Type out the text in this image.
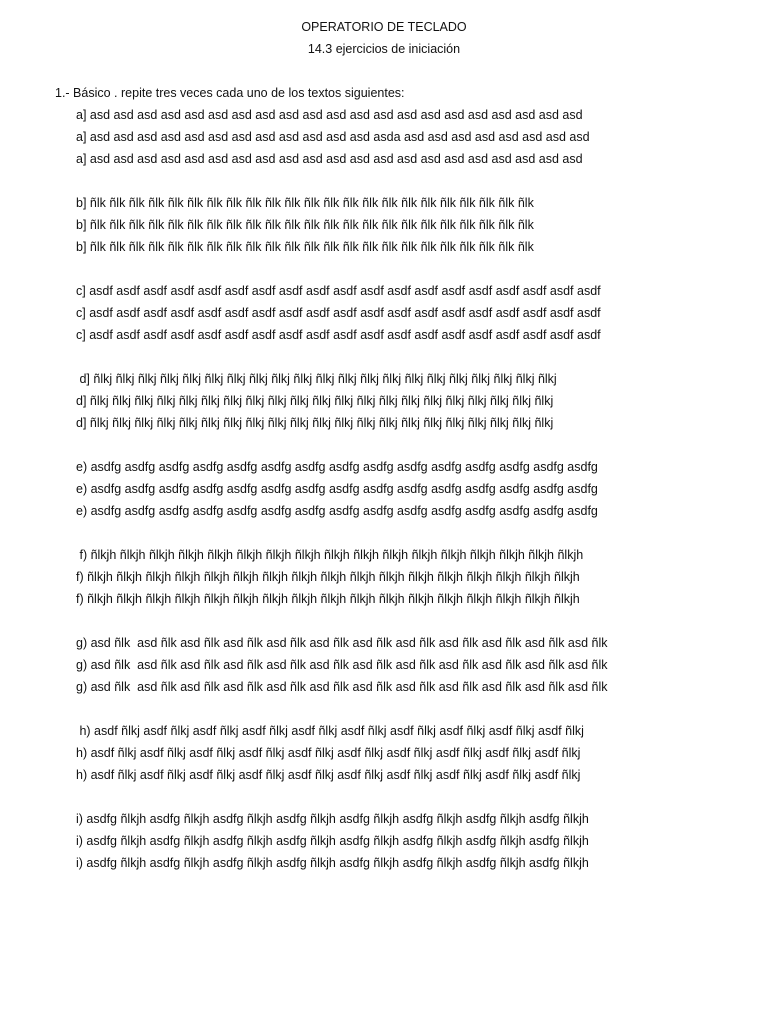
OPERATORIO DE TECLADO
14.3 ejercicios de iniciación
1.- Básico . repite tres veces cada uno de los textos siguientes:
a] asd asd asd asd asd asd asd asd asd asd asd asd asd asd asd asd asd asd asd asd asd
a] asd asd asd asd asd asd asd asd asd asd asd asd asda asd asd asd asd asd asd asd asd
a] asd asd asd asd asd asd asd asd asd asd asd asd asd asd asd asd asd asd asd asd asd
b] ñlk ñlk ñlk ñlk ñlk ñlk ñlk ñlk ñlk ñlk ñlk ñlk ñlk ñlk ñlk ñlk ñlk ñlk ñlk ñlk ñlk ñlk ñlk
b] ñlk ñlk ñlk ñlk ñlk ñlk ñlk ñlk ñlk ñlk ñlk ñlk ñlk ñlk ñlk ñlk ñlk ñlk ñlk ñlk ñlk ñlk ñlk
b] ñlk ñlk ñlk ñlk ñlk ñlk ñlk ñlk ñlk ñlk ñlk ñlk ñlk ñlk ñlk ñlk ñlk ñlk ñlk ñlk ñlk ñlk ñlk
c] asdf asdf asdf asdf asdf asdf asdf asdf asdf asdf asdf asdf asdf asdf asdf asdf asdf asdf asdf
c] asdf asdf asdf asdf asdf asdf asdf asdf asdf asdf asdf asdf asdf asdf asdf asdf asdf asdf asdf
c] asdf asdf asdf asdf asdf asdf asdf asdf asdf asdf asdf asdf asdf asdf asdf asdf asdf asdf asdf
d] ñlkj ñlkj ñlkj ñlkj ñlkj ñlkj ñlkj ñlkj ñlkj ñlkj ñlkj ñlkj ñlkj ñlkj ñlkj ñlkj ñlkj ñlkj ñlkj ñlkj ñlkj
d] ñlkj ñlkj ñlkj ñlkj ñlkj ñlkj ñlkj ñlkj ñlkj ñlkj ñlkj ñlkj ñlkj ñlkj ñlkj ñlkj ñlkj ñlkj ñlkj ñlkj ñlkj
d] ñlkj ñlkj ñlkj ñlkj ñlkj ñlkj ñlkj ñlkj ñlkj ñlkj ñlkj ñlkj ñlkj ñlkj ñlkj ñlkj ñlkj ñlkj ñlkj ñlkj ñlkj
e) asdfg asdfg asdfg asdfg asdfg asdfg asdfg asdfg asdfg asdfg asdfg asdfg asdfg asdfg asdfg
e) asdfg asdfg asdfg asdfg asdfg asdfg asdfg asdfg asdfg asdfg asdfg asdfg asdfg asdfg asdfg
e) asdfg asdfg asdfg asdfg asdfg asdfg asdfg asdfg asdfg asdfg asdfg asdfg asdfg asdfg asdfg
f) ñlkjh ñlkjh ñlkjh ñlkjh ñlkjh ñlkjh ñlkjh ñlkjh ñlkjh ñlkjh ñlkjh ñlkjh ñlkjh ñlkjh ñlkjh ñlkjh ñlkjh
f) ñlkjh ñlkjh ñlkjh ñlkjh ñlkjh ñlkjh ñlkjh ñlkjh ñlkjh ñlkjh ñlkjh ñlkjh ñlkjh ñlkjh ñlkjh ñlkjh ñlkjh
f) ñlkjh ñlkjh ñlkjh ñlkjh ñlkjh ñlkjh ñlkjh ñlkjh ñlkjh ñlkjh ñlkjh ñlkjh ñlkjh ñlkjh ñlkjh ñlkjh ñlkjh
g) asd ñlk  asd ñlk asd ñlk asd ñlk asd ñlk asd ñlk asd ñlk asd ñlk asd ñlk asd ñlk asd ñlk asd ñlk
g) asd ñlk  asd ñlk asd ñlk asd ñlk asd ñlk asd ñlk asd ñlk asd ñlk asd ñlk asd ñlk asd ñlk asd ñlk
g) asd ñlk  asd ñlk asd ñlk asd ñlk asd ñlk asd ñlk asd ñlk asd ñlk asd ñlk asd ñlk asd ñlk asd ñlk
h) asdf ñlkj asdf ñlkj asdf ñlkj asdf ñlkj asdf ñlkj asdf ñlkj asdf ñlkj asdf ñlkj asdf ñlkj asdf ñlkj
h) asdf ñlkj asdf ñlkj asdf ñlkj asdf ñlkj asdf ñlkj asdf ñlkj asdf ñlkj asdf ñlkj asdf ñlkj asdf ñlkj
h) asdf ñlkj asdf ñlkj asdf ñlkj asdf ñlkj asdf ñlkj asdf ñlkj asdf ñlkj asdf ñlkj asdf ñlkj asdf ñlkj
i) asdfg ñlkjh asdfg ñlkjh asdfg ñlkjh asdfg ñlkjh asdfg ñlkjh asdfg ñlkjh asdfg ñlkjh asdfg ñlkjh
i) asdfg ñlkjh asdfg ñlkjh asdfg ñlkjh asdfg ñlkjh asdfg ñlkjh asdfg ñlkjh asdfg ñlkjh asdfg ñlkjh
i) asdfg ñlkjh asdfg ñlkjh asdfg ñlkjh asdfg ñlkjh asdfg ñlkjh asdfg ñlkjh asdfg ñlkjh asdfg ñlkjh
